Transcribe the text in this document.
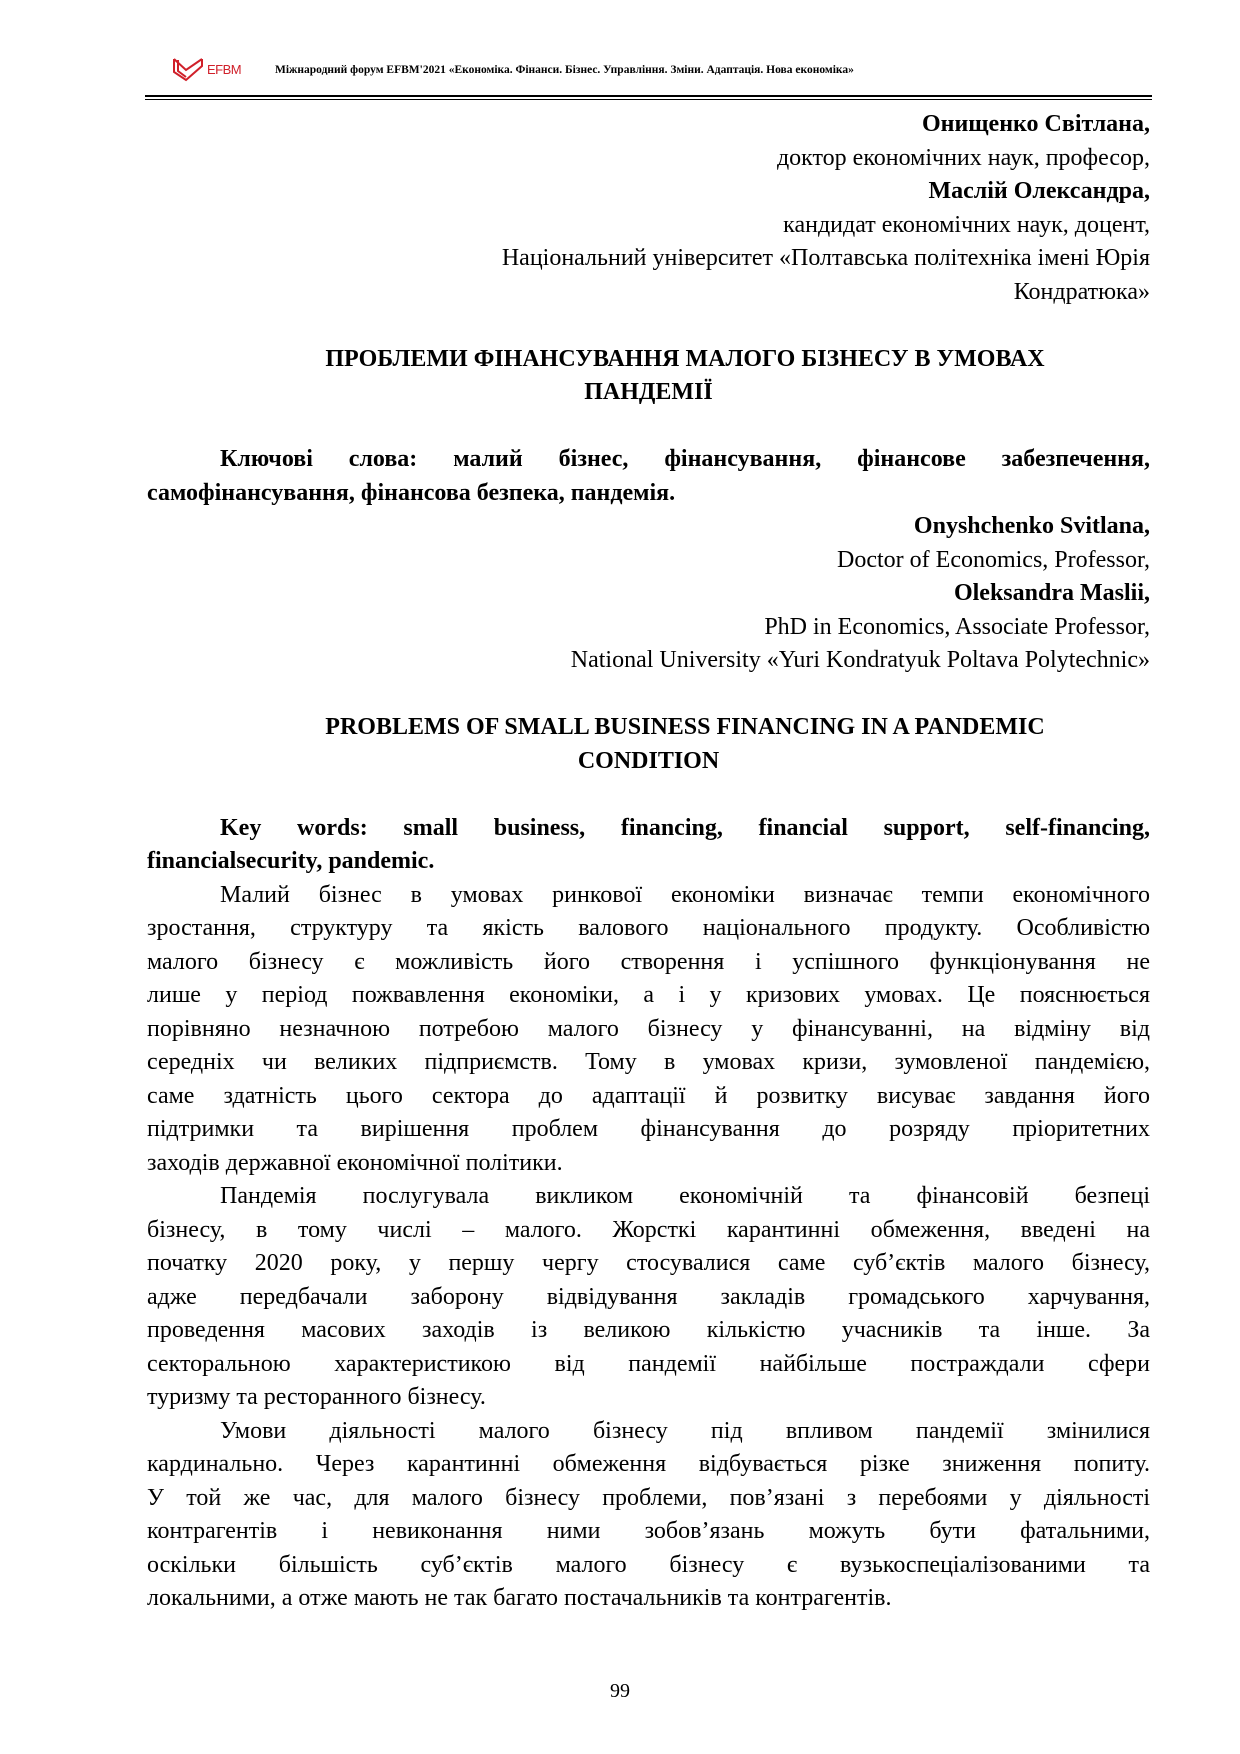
EFBM	Міжнародний форум EFBM'2021 «Економіка. Фінанси. Бізнес. Управління. Зміни. Адаптація. Нова економіка»
Онищенко Світлана,
доктор економічних наук, професор,
Маслій Олександра,
кандидат економічних наук, доцент,
Національний університет «Полтавська політехніка імені Юрія
Кондратюка»
ПРОБЛЕМИ ФІНАНСУВАННЯ МАЛОГО БІЗНЕСУ В УМОВАХ
ПАНДЕМІЇ
Ключові слова: малий бізнес, фінансування, фінансове забезпечення,
самофінансування, фінансова безпека, пандемія.
Onyshchenko Svitlana,
Doctor of Economics, Professor,
Oleksandra Maslii,
PhD in Economics, Associate Professor,
National University «Yuri Kondratyuk Poltava Polytechnic»
PROBLEMS OF SMALL BUSINESS FINANCING IN A PANDEMIC
CONDITION
Key words: small business, financing, financial support, self-financing,
financialsecurity, pandemic.
Малий бізнес в умовах ринкової економіки визначає темпи економічного
зростання, структуру та якість валового національного продукту. Особливістю
малого бізнесу є можливість його створення і успішного функціонування не
лише у період пожвавлення економіки, а і у кризових умовах. Це пояснюється
порівняно незначною потребою малого бізнесу у фінансуванні, на відміну від
середніх чи великих підприємств. Тому в умовах кризи, зумовленої пандемією,
саме здатність цього сектора до адаптації й розвитку висуває завдання його
підтримки та вирішення проблем фінансування до розряду пріоритетних
заходів державної економічної політики.
Пандемія послугувала викликом економічній та фінансовій безпеці
бізнесу, в тому числі – малого. Жорсткі карантинні обмеження, введені на
початку 2020 року, у першу чергу стосувалися саме суб’єктів малого бізнесу,
адже передбачали заборону відвідування закладів громадського харчування,
проведення масових заходів із великою кількістю учасників та інше. За
секторальною характеристикою від пандемії найбільше постраждали сфери
туризму та ресторанного бізнесу.
Умови діяльності малого бізнесу під впливом пандемії змінилися
кардинально. Через карантинні обмеження відбувається різке зниження попиту.
У той же час, для малого бізнесу проблеми, пов’язані з перебоями у діяльності
контрагентів і невиконання ними зобов’язань можуть бути фатальними,
оскільки більшість суб’єктів малого бізнесу є вузькоспеціалізованими та
локальними, а отже мають не так багато постачальників та контрагентів.
99
